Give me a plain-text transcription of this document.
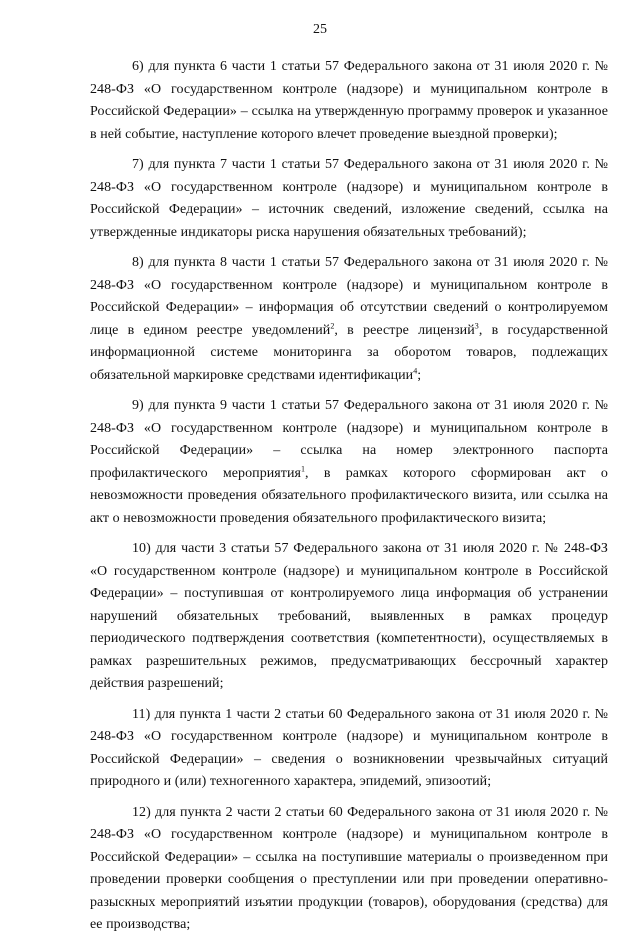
25

6) для пункта 6 части 1 статьи 57 Федерального закона от 31 июля 2020 г. № 248-ФЗ «О государственном контроле (надзоре) и муниципальном контроле в Российской Федерации» – ссылка на утвержденную программу проверок и указанное в ней событие, наступление которого влечет проведение выездной проверки);

7) для пункта 7 части 1 статьи 57 Федерального закона от 31 июля 2020 г. № 248-ФЗ «О государственном контроле (надзоре) и муниципальном контроле в Российской Федерации» – источник сведений, изложение сведений, ссылка на утвержденные индикаторы риска нарушения обязательных требований);

8) для пункта 8 части 1 статьи 57 Федерального закона от 31 июля 2020 г. № 248-ФЗ «О государственном контроле (надзоре) и муниципальном контроле в Российской Федерации» – информация об отсутствии сведений о контролируемом лице в едином реестре уведомлений$^2$, в реестре лицензий$^3$, в государственной информационной системе мониторинга за оборотом товаров, подлежащих обязательной маркировке средствами идентификации$^4$;

9) для пункта 9 части 1 статьи 57 Федерального закона от 31 июля 2020 г. № 248-ФЗ «О государственном контроле (надзоре) и муниципальном контроле в Российской Федерации» – ссылка на номер электронного паспорта профилактического мероприятия$^1$, в рамках которого сформирован акт о невозможности проведения обязательного профилактического визита, или ссылка на акт о невозможности проведения обязательного профилактического визита;

10) для части 3 статьи 57 Федерального закона от 31 июля 2020 г. № 248-ФЗ «О государственном контроле (надзоре) и муниципальном контроле в Российской Федерации» – поступившая от контролируемого лица информация об устранении нарушений обязательных требований, выявленных в рамках процедур периодического подтверждения соответствия (компетентности), осуществляемых в рамках разрешительных режимов, предусматривающих бессрочный характер действия разрешений;

11) для пункта 1 части 2 статьи 60 Федерального закона от 31 июля 2020 г. № 248-ФЗ «О государственном контроле (надзоре) и муниципальном контроле в Российской Федерации» – сведения о возникновении чрезвычайных ситуаций природного и (или) техногенного характера, эпидемий, эпизоотий;

12) для пункта 2 части 2 статьи 60 Федерального закона от 31 июля 2020 г. № 248-ФЗ «О государственном контроле (надзоре) и муниципальном контроле в Российской Федерации» – ссылка на поступившие материалы о произведенном при проведении проверки сообщения о преступлении или при проведении оперативно-разыскных мероприятий изъятии продукции (товаров), оборудования (средства) для ее производства;
